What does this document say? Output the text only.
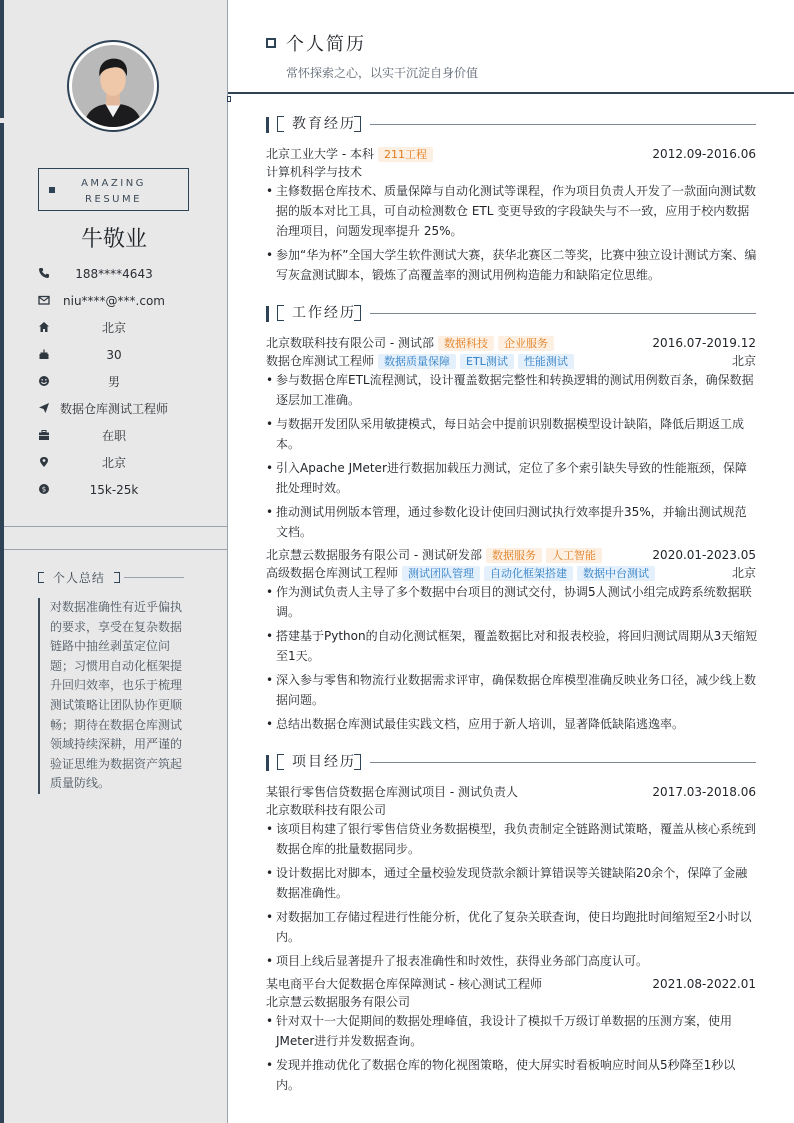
AMAZING
RESUME
牛敬业
188****4643
niu****@***.com
北京
30
男
数据仓库测试工程师
在职
北京
$	15k-25k
个人总结
对数据准确性有近乎偏执的要求，享受在复杂数据链路中抽丝剥茧定位问题；习惯用自动化框架提升回归效率，也乐于梳理测试策略让团队协作更顺畅；期待在数据仓库测试领域持续深耕，用严谨的验证思维为数据资产筑起质量防线。
个人简历
常怀探索之心，以实干沉淀自身价值
教育经历
北京工业大学 - 本科 211工程	2012.09-2016.06
计算机科学与技术
• 主修数据仓库技术、质量保障与自动化测试等课程，作为项目负责人开发了一款面向测试数据的版本对比工具，可自动检测数仓 ETL 变更导致的字段缺失与不一致，应用于校内数据治理项目，问题发现率提升 25%。
• 参加“华为杯”全国大学生软件测试大赛，获华北赛区二等奖，比赛中独立设计测试方案、编写灰盒测试脚本，锻炼了高覆盖率的测试用例构造能力和缺陷定位思维。
工作经历
北京数联科技有限公司 - 测试部 数据科技 企业服务	2016.07-2019.12
数据仓库测试工程师 数据质量保障 ETL测试 性能测试	北京
• 参与数据仓库ETL流程测试，设计覆盖数据完整性和转换逻辑的测试用例数百条，确保数据逐层加工准确。
• 与数据开发团队采用敏捷模式，每日站会中提前识别数据模型设计缺陷，降低后期返工成本。
• 引入Apache JMeter进行数据加载压力测试，定位了多个索引缺失导致的性能瓶颈，保障批处理时效。
• 推动测试用例版本管理，通过参数化设计使回归测试执行效率提升35%，并输出测试规范文档。
北京慧云数据服务有限公司 - 测试研发部 数据服务 人工智能	2020.01-2023.05
高级数据仓库测试工程师 测试团队管理 自动化框架搭建 数据中台测试	北京
• 作为测试负责人主导了多个数据中台项目的测试交付，协调5人测试小组完成跨系统数据联调。
• 搭建基于Python的自动化测试框架，覆盖数据比对和报表校验，将回归测试周期从3天缩短至1天。
• 深入参与零售和物流行业数据需求评审，确保数据仓库模型准确反映业务口径，减少线上数据问题。
• 总结出数据仓库测试最佳实践文档，应用于新人培训，显著降低缺陷逃逸率。
项目经历
某银行零售信贷数据仓库测试项目 - 测试负责人	2017.03-2018.06
北京数联科技有限公司
• 该项目构建了银行零售信贷业务数据模型，我负责制定全链路测试策略，覆盖从核心系统到数据仓库的批量数据同步。
• 设计数据比对脚本，通过全量校验发现贷款余额计算错误等关键缺陷20余个，保障了金融数据准确性。
• 对数据加工存储过程进行性能分析，优化了复杂关联查询，使日均跑批时间缩短至2小时以内。
• 项目上线后显著提升了报表准确性和时效性，获得业务部门高度认可。
某电商平台大促数据仓库保障测试 - 核心测试工程师	2021.08-2022.01
北京慧云数据服务有限公司
• 针对双十一大促期间的数据处理峰值，我设计了模拟千万级订单数据的压测方案，使用JMeter进行并发数据查询。
• 发现并推动优化了数据仓库的物化视图策略，使大屏实时看板响应时间从5秒降至1秒以内。
